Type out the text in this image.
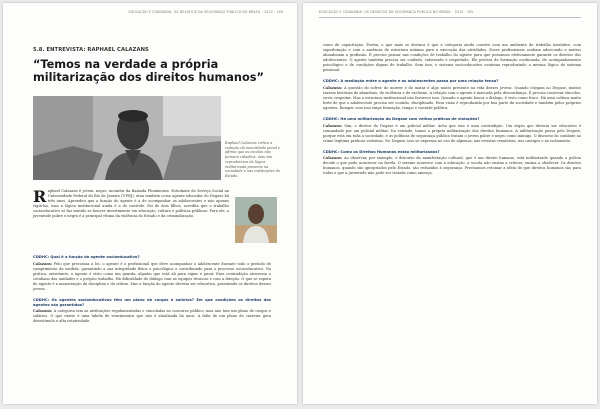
EDUCAÇÃO E CIDADANIA: OS DESAFIOS DA SEGURANÇA PÚBLICA NO BRASIL · 2012 · 189
5.8. ENTREVISTA: RAPHAEL CALAZANS
“Temos na verdade a própria militarização dos direitos humanos”

Raphael Calazans critica a redução da maioridade penal e afirma que as escolas não formam cidadãos, mas sim reprodutores da lógica militarizada presente na sociedade e nas instituições do Estado.

R aphael Calazans é jovem, negro, morador da Baixada Fluminense. Estudante de Serviço Social na Universidade Federal do Rio de Janeiro (UFRJ), atua também como agente educador do Degase há três anos. Aprendeu que a função do agente é a de acompanhar os adolescentes e não apenas vigiá-los, mas a lógica institucional ainda é a do controle. Pai de dois filhos, acredita que o trabalho socioeducativo só faz sentido se houver investimento em educação, cultura e políticas públicas. Para ele, a juventude pobre e negra é a principal vítima da violência do Estado e da criminalização.

CDDHC: Qual é a função do agente socioeducativo?

Calazans: Pelo que preconiza a lei, o agente é o profissional que deve acompanhar o adolescente durante todo o período de cumprimento da medida, garantindo a sua integridade física e psicológica e contribuindo para o processo socioeducativo. Na prática, entretanto, o agente é visto como um guarda, alguém que está ali para vigiar e punir. Essa contradição atravessa o cotidiano das unidades e o próprio trabalho. Há dificuldade de diálogo com as equipes técnicas e com a direção. O que se espera do agente é a manutenção da disciplina e da ordem. Mas a função do agente deveria ser educativa, garantindo os direitos desses jovens.

CDDHC: Os agentes socioeducativos têm um plano de cargos e salários? Em que condições os direitos dos agentes são garantidos?

Calazans: A categoria tem as atribuições regulamentadas e vinculadas ao concurso público, mas não tem um plano de cargos e salários. O que existe é uma tabela de vencimentos que não é atualizada há anos. A falta de um plano de carreira gera desestímulo e alta rotatividade.

EDUCAÇÃO E CIDADANIA: OS DESAFIOS DA SEGURANÇA PÚBLICA NO BRASIL · 2012 · 190

como de capacitação. Porém, o que mais se destaca é que a categoria ainda convive com um ambiente de trabalho insalubre, com superlotação e com a ausência de estrutura mínima para a execução das atividades. Esses profissionais acabam adoecendo e muitos abandonam a profissão. É preciso pensar nas condições de trabalho do agente para que possamos efetivamente garantir os direitos dos adolescentes. O agente também precisa ser cuidado, valorizado e respeitado. Ele precisa de formação continuada, de acompanhamento psicológico e de condições dignas de trabalho. Sem isso, o sistema socioeducativo continua reproduzindo a mesma lógica do sistema prisional.

CDDHC: A mediação entre o agente e os adolescentes passa por uma relação tensa?

Calazans: A questão do sofrer, do morrer e do matar é algo muito presente na vida desses jovens. Quando chegam ao Degase, muitos trazem histórias de abandono, de violência e de exclusão. A relação com o agente é marcada pela desconfiança. É preciso construir vínculos, ouvir, respeitar. Mas a estrutura institucional não favorece isso. Quando o agente busca o diálogo, é visto como fraco. Há uma cultura muito forte de que o adolescente precisa ser contido, disciplinado. Essa visão é reproduzida por boa parte da sociedade e também pelos próprios agentes. Romper com isso exige formação, tempo e vontade política.

CDDHC: Há uma militarização do Degase com velhas práticas de violações?

Calazans: Sim, o diretor do Degase é um policial militar. Acho que isso é uma contradição. Um órgão que deveria ser educativo é comandado por um policial militar. Na verdade, temos a própria militarização dos direitos humanos. A militarização passa pelo Degase, porque está em toda a sociedade, e as políticas de segurança pública tratam o jovem pobre e negro como inimigo. O discurso do combate ao crime legitima práticas violentas. No Degase, isso se expressa no uso de algemas, nas revistas vexatórias, nos castigos e no isolamento.

CDDHC: Como os Direitos Humanos estão militarizados?

Calazans: Ao observar, por exemplo, o discurso da manifestação cultural, que é um direito humano, está militarizado quando a polícia decide o que pode acontecer na favela. O mesmo acontece com a educação: a escola não ensina a criticar, ensina a obedecer. Os direitos humanos, quando são apropriados pelo Estado, são reduzidos à segurança. Precisamos retomar a ideia de que direitos humanos são para todos e que a juventude não pode ser tratada como ameaça.
